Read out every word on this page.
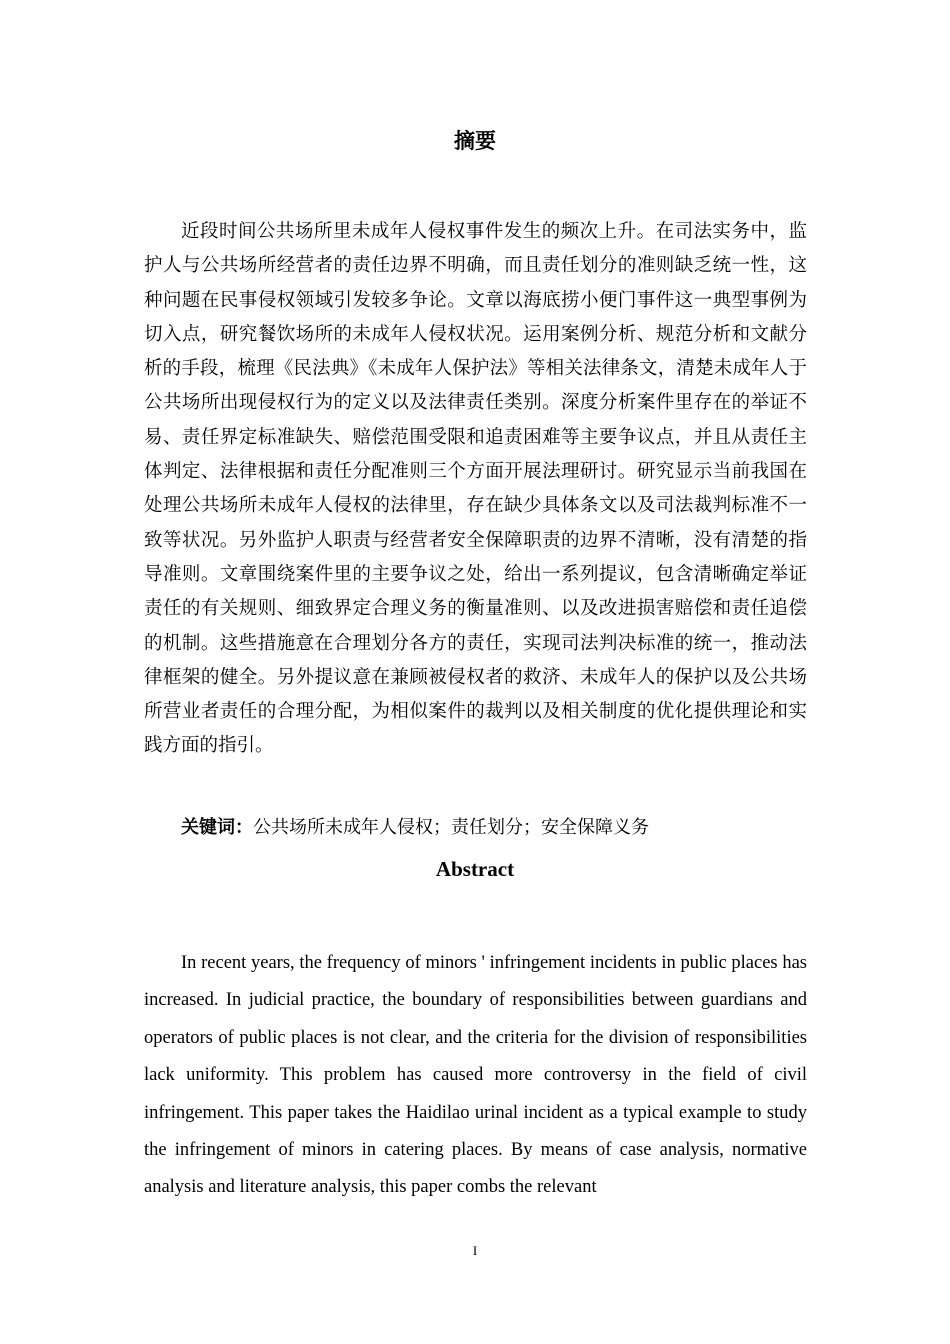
摘要

近段时间公共场所里未成年人侵权事件发生的频次上升。在司法实务中，监护人与公共场所经营者的责任边界不明确，而且责任划分的准则缺乏统一性，这种问题在民事侵权领域引发较多争论。文章以海底捞小便门事件这一典型事例为切入点，研究餐饮场所的未成年人侵权状况。运用案例分析、规范分析和文献分析的手段，梳理《民法典》《未成年人保护法》等相关法律条文，清楚未成年人于公共场所出现侵权行为的定义以及法律责任类别。深度分析案件里存在的举证不易、责任界定标准缺失、赔偿范围受限和追责困难等主要争议点，并且从责任主体判定、法律根据和责任分配准则三个方面开展法理研讨。研究显示当前我国在处理公共场所未成年人侵权的法律里，存在缺少具体条文以及司法裁判标准不一致等状况。另外监护人职责与经营者安全保障职责的边界不清晰，没有清楚的指导准则。文章围绕案件里的主要争议之处，给出一系列提议，包含清晰确定举证责任的有关规则、细致界定合理义务的衡量准则、以及改进损害赔偿和责任追偿的机制。这些措施意在合理划分各方的责任，实现司法判决标准的统一，推动法律框架的健全。另外提议意在兼顾被侵权者的救济、未成年人的保护以及公共场所营业者责任的合理分配，为相似案件的裁判以及相关制度的优化提供理论和实践方面的指引。

关键词：公共场所未成年人侵权；责任划分；安全保障义务
Abstract

In recent years, the frequency of minors ' infringement incidents in public places has increased. In judicial practice, the boundary of responsibilities between guardians and operators of public places is not clear, and the criteria for the division of responsibilities lack uniformity. This problem has caused more controversy in the field of civil infringement. This paper takes the Haidilao urinal incident as a typical example to study the infringement of minors in catering places. By means of case analysis, normative analysis and literature analysis, this paper combs the relevant

I
